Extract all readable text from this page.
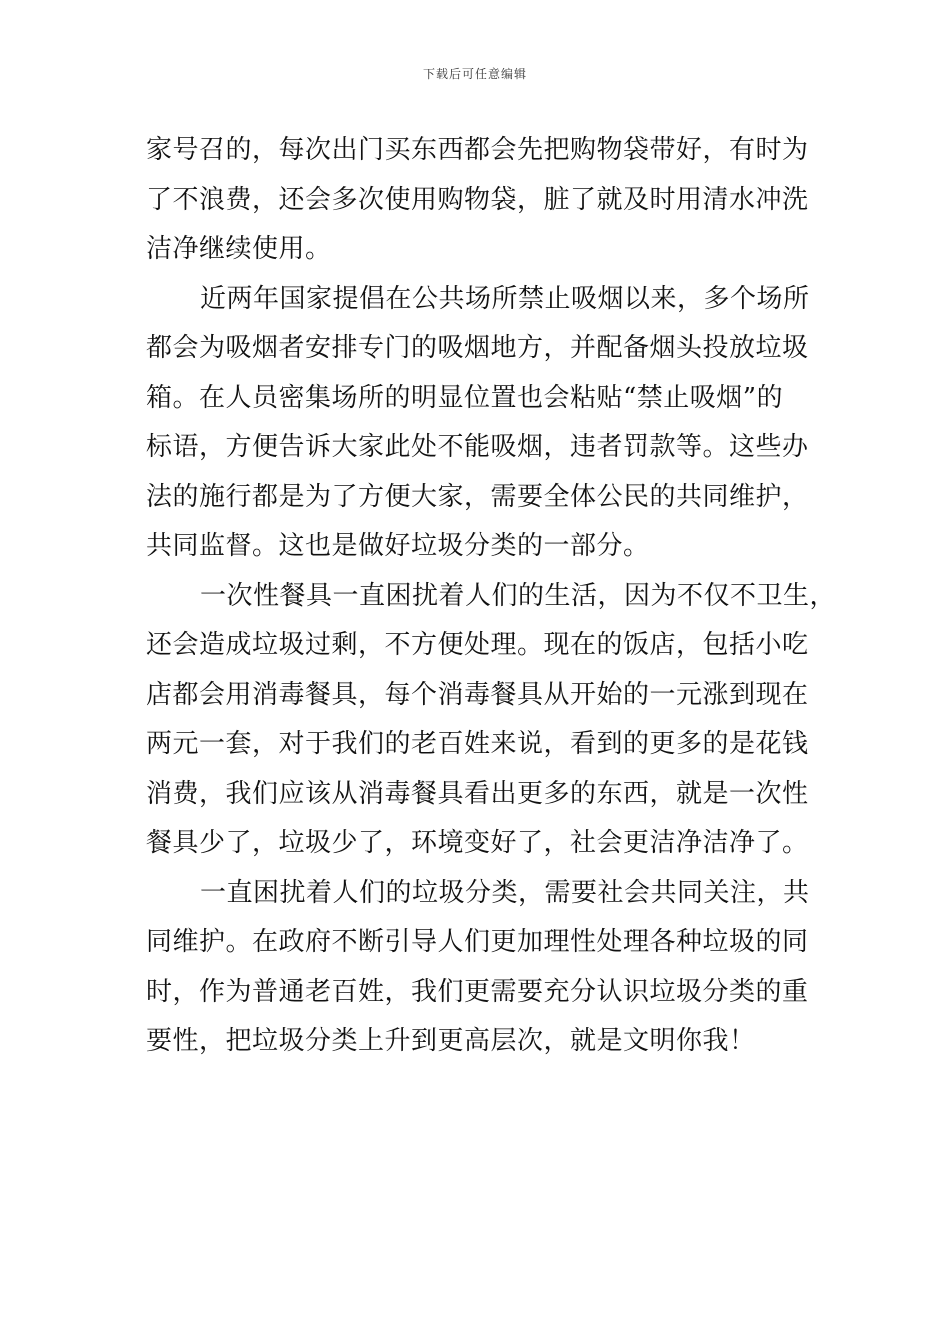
下载后可任意编辑
家号召的，每次出门买东西都会先把购物袋带好，有时为
了不浪费，还会多次使用购物袋，脏了就及时用清水冲洗
洁净继续使用。
近两年国家提倡在公共场所禁止吸烟以来，多个场所
都会为吸烟者安排专门的吸烟地方，并配备烟头投放垃圾
箱。在人员密集场所的明显位置也会粘贴“禁止吸烟”的
标语，方便告诉大家此处不能吸烟，违者罚款等。这些办
法的施行都是为了方便大家，需要全体公民的共同维护，
共同监督。这也是做好垃圾分类的一部分。
一次性餐具一直困扰着人们的生活，因为不仅不卫生，
还会造成垃圾过剩，不方便处理。现在的饭店，包括小吃
店都会用消毒餐具，每个消毒餐具从开始的一元涨到现在
两元一套，对于我们的老百姓来说，看到的更多的是花钱
消费，我们应该从消毒餐具看出更多的东西，就是一次性
餐具少了，垃圾少了，环境变好了，社会更洁净洁净了。
一直困扰着人们的垃圾分类，需要社会共同关注，共
同维护。在政府不断引导人们更加理性处理各种垃圾的同
时，作为普通老百姓，我们更需要充分认识垃圾分类的重
要性，把垃圾分类上升到更高层次，就是文明你我！
